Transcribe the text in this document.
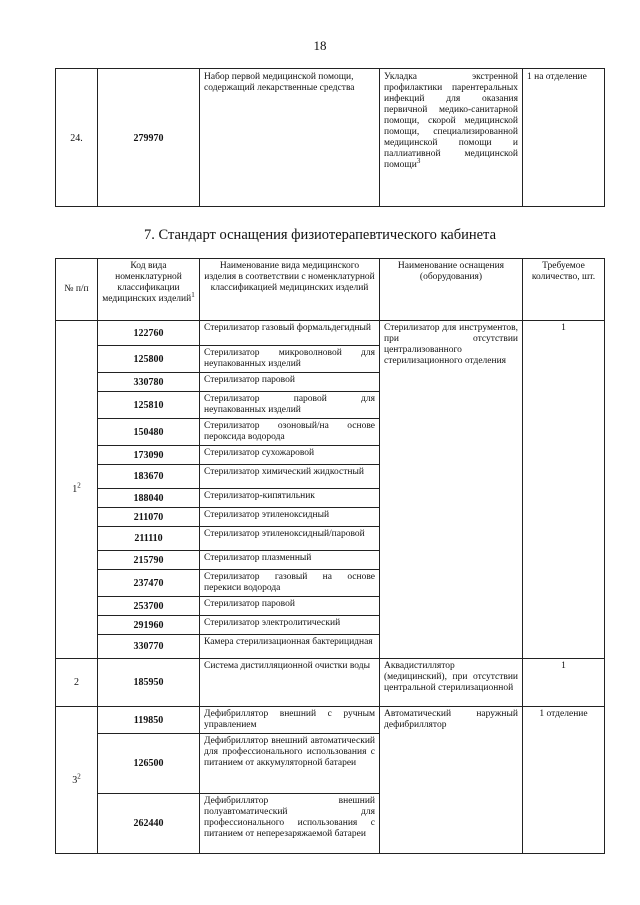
18
24.	279970	Набор первой медицинской помощи, содержащий лекарственные средства	Укладка экстренной профилактики парентеральных инфекций для оказания первичной медико-санитарной помощи, скорой медицинской помощи, специализированной медицинской помощи и паллиативной медицинской помощи$^3$	1 на отделение
7. Стандарт оснащения физиотерапевтического кабинета
№ п/п	Код вида номенклатурной классификации медицинских изделий$^1$	Наименование вида медицинского изделия в соответствии с номенклатурной классификацией медицинских изделий	Наименование оснащения (оборудования)	Требуемое количество, шт.
$1^2$	122760	Стерилизатор газовый формальдегидный	Стерилизатор для инструментов, при отсутствии централизованного стерилизационного отделения	1
	125800	Стерилизатор микроволновой для неупакованных изделий		
	330780	Стерилизатор паровой		
	125810	Стерилизатор паровой для неупакованных изделий		
	150480	Стерилизатор озоновый/на основе пероксида водорода		
	173090	Стерилизатор сухожаровой		
	183670	Стерилизатор химический жидкостный		
	188040	Стерилизатор-кипятильник		
	211070	Стерилизатор этиленоксидный		
	211110	Стерилизатор этиленоксидный/паровой		
	215790	Стерилизатор плазменный		
	237470	Стерилизатор газовый на основе перекиси водорода		
	253700	Стерилизатор паровой		
	291960	Стерилизатор электролитический		
	330770	Камера стерилизационная бактерицидная		
2	185950	Система дистилляционной очистки воды	Аквадистиллятор (медицинский), при отсутствии центральной стерилизационной	1
$3^2$	119850	Дефибриллятор внешний с ручным управлением	Автоматический наружный дефибриллятор	1 отделение
	126500	Дефибриллятор внешний автоматический для профессионального использования с питанием от аккумуляторной батареи		
	262440	Дефибриллятор внешний полуавтоматический для профессионального использования с питанием от неперезаряжаемой батареи		
